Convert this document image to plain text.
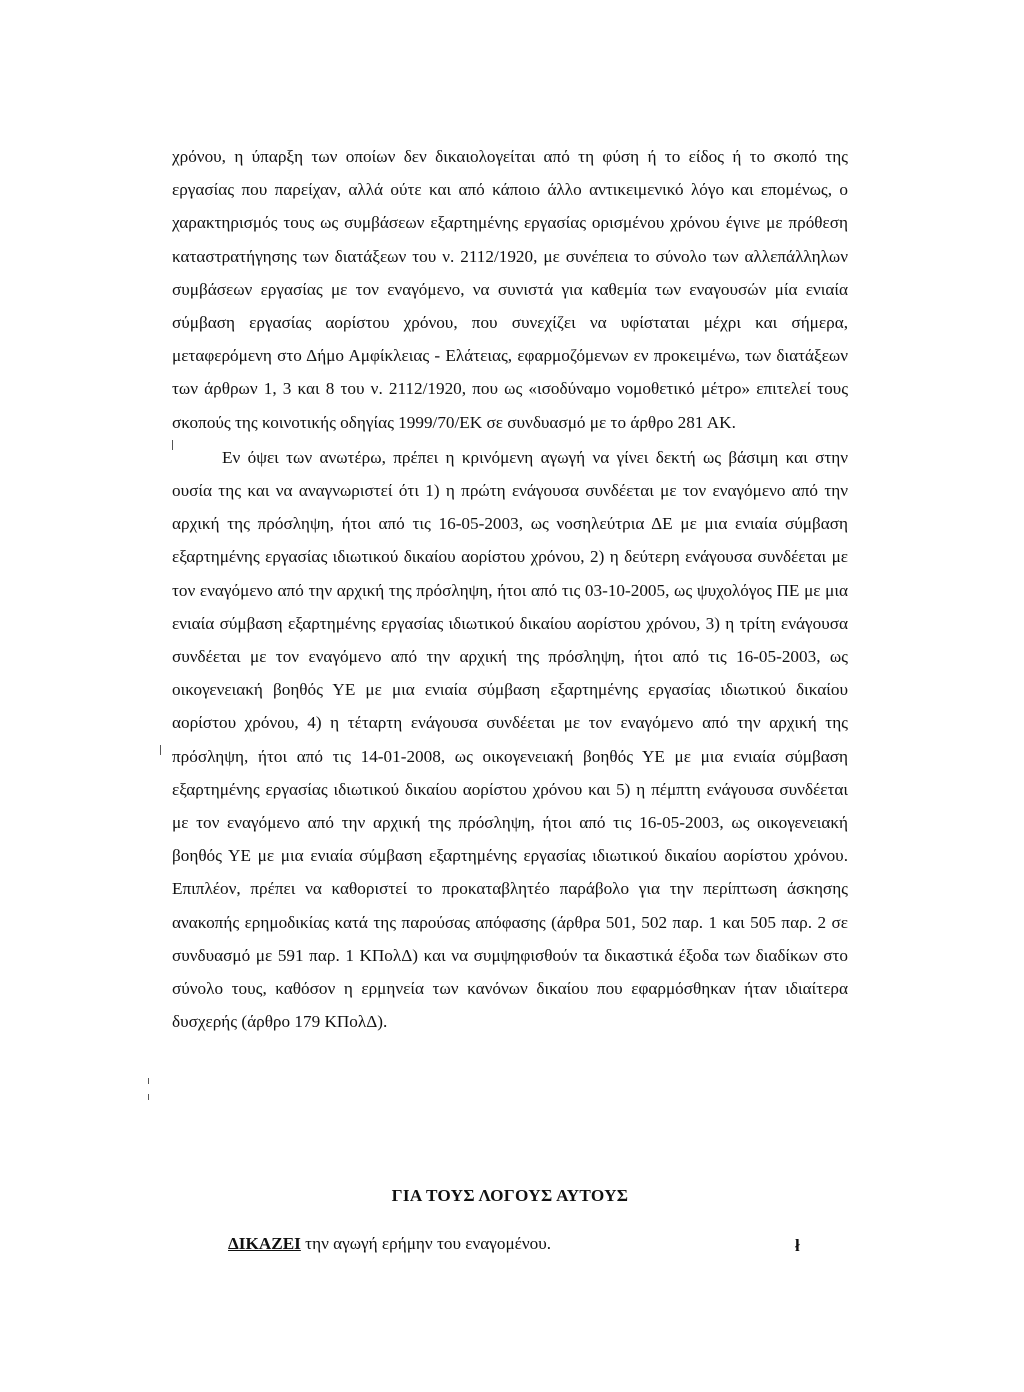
χρόνου, η ύπαρξη των οποίων δεν δικαιολογείται από τη φύση ή το είδος ή το σκοπό της εργασίας που παρείχαν, αλλά ούτε και από κάποιο άλλο αντικειμενικό λόγο και επομένως, ο χαρακτηρισμός τους ως συμβάσεων εξαρτημένης εργασίας ορισμένου χρόνου έγινε με πρόθεση καταστρατήγησης των διατάξεων του ν. 2112/1920, με συνέπεια το σύνολο των αλλεπάλληλων συμβάσεων εργασίας με τον εναγόμενο, να συνιστά για καθεμία των εναγουσών μία ενιαία σύμβαση εργασίας αορίστου χρόνου, που συνεχίζει να υφίσταται μέχρι και σήμερα, μεταφερόμενη στο Δήμο Αμφίκλειας - Ελάτειας, εφαρμοζόμενων εν προκειμένω, των διατάξεων των άρθρων 1, 3 και 8 του ν. 2112/1920, που ως «ισοδύναμο νομοθετικό μέτρο» επιτελεί τους σκοπούς της κοινοτικής οδηγίας 1999/70/ΕΚ σε συνδυασμό με το άρθρο 281 ΑΚ.

Εν όψει των ανωτέρω, πρέπει η κρινόμενη αγωγή να γίνει δεκτή ως βάσιμη και στην ουσία της και να αναγνωριστεί ότι 1) η πρώτη ενάγουσα συνδέεται με τον εναγόμενο από την αρχική της πρόσληψη, ήτοι από τις 16-05-2003, ως νοσηλεύτρια ΔΕ με μια ενιαία σύμβαση εξαρτημένης εργασίας ιδιωτικού δικαίου αορίστου χρόνου, 2) η δεύτερη ενάγουσα συνδέεται με τον εναγόμενο από την αρχική της πρόσληψη, ήτοι από τις 03-10-2005, ως ψυχολόγος ΠΕ με μια ενιαία σύμβαση εξαρτημένης εργασίας ιδιωτικού δικαίου αορίστου χρόνου, 3) η τρίτη ενάγουσα συνδέεται με τον εναγόμενο από την αρχική της πρόσληψη, ήτοι από τις 16-05-2003, ως οικογενειακή βοηθός ΥΕ με μια ενιαία σύμβαση εξαρτημένης εργασίας ιδιωτικού δικαίου αορίστου χρόνου, 4) η τέταρτη ενάγουσα συνδέεται με τον εναγόμενο από την αρχική της πρόσληψη, ήτοι από τις 14-01-2008, ως οικογενειακή βοηθός ΥΕ με μια ενιαία σύμβαση εξαρτημένης εργασίας ιδιωτικού δικαίου αορίστου χρόνου και 5) η πέμπτη ενάγουσα συνδέεται με τον εναγόμενο από την αρχική της πρόσληψη, ήτοι από τις 16-05-2003, ως οικογενειακή βοηθός ΥΕ με μια ενιαία σύμβαση εξαρτημένης εργασίας ιδιωτικού δικαίου αορίστου χρόνου. Επιπλέον, πρέπει να καθοριστεί το προκαταβλητέο παράβολο για την περίπτωση άσκησης ανακοπής ερημοδικίας κατά της παρούσας απόφασης (άρθρα 501, 502 παρ. 1 και 505 παρ. 2 σε συνδυασμό με 591 παρ. 1 ΚΠολΔ) και να συμψηφισθούν τα δικαστικά έξοδα των διαδίκων στο σύνολο τους, καθόσον η ερμηνεία των κανόνων δικαίου που εφαρμόσθηκαν ήταν ιδιαίτερα δυσχερής (άρθρο 179 ΚΠολΔ).

ΓΙΑ ΤΟΥΣ ΛΟΓΟΥΣ ΑΥΤΟΥΣ
ΔΙΚΑΖΕΙ την αγωγή ερήμην του εναγομένου.	ł
